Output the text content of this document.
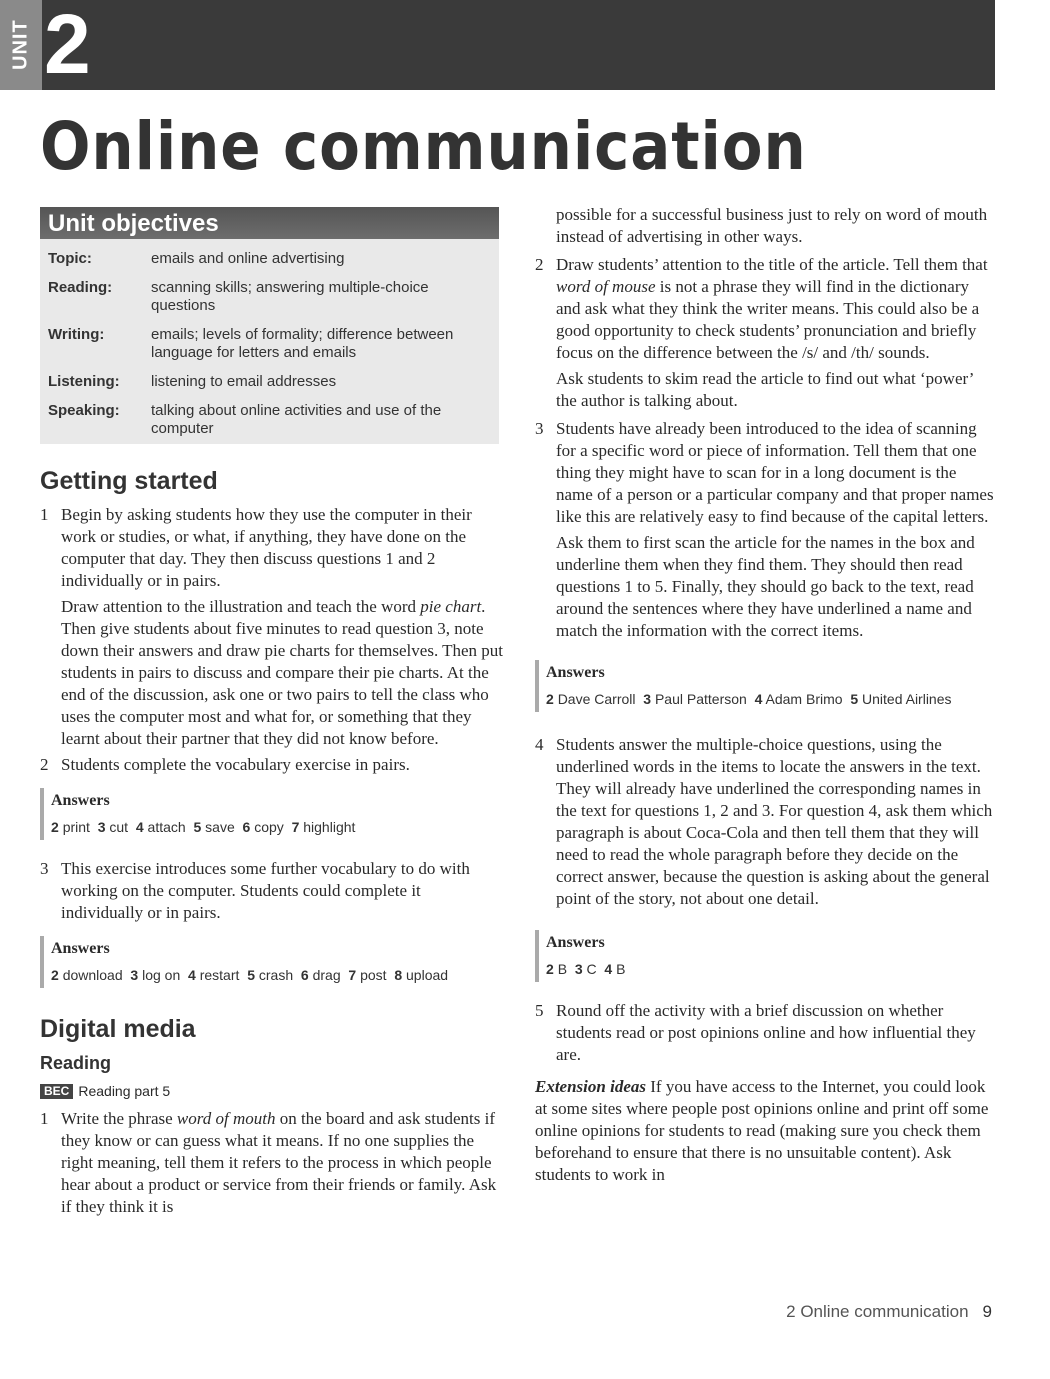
UNIT 2
Online communication
Unit objectives
Topic:	emails and online advertising
Reading:	scanning skills; answering multiple-choice questions
Writing:	emails; levels of formality; difference between language for letters and emails
Listening:	listening to email addresses
Speaking:	talking about online activities and use of the computer
Getting started
1 Begin by asking students how they use the computer in their work or studies, or what, if anything, they have done on the computer that day. They then discuss questions 1 and 2 individually or in pairs.
Draw attention to the illustration and teach the word pie chart. Then give students about five minutes to read question 3, note down their answers and draw pie charts for themselves. Then put students in pairs to discuss and compare their pie charts. At the end of the discussion, ask one or two pairs to tell the class who uses the computer most and what for, or something that they learnt about their partner that they did not know before.
2 Students complete the vocabulary exercise in pairs.
Answers
2 print 3 cut 4 attach 5 save 6 copy 7 highlight
3 This exercise introduces some further vocabulary to do with working on the computer. Students could complete it individually or in pairs.
Answers
2 download 3 log on 4 restart 5 crash 6 drag 7 post 8 upload
Digital media
Reading
BEC Reading part 5
1 Write the phrase word of mouth on the board and ask students if they know or can guess what it means. If no one supplies the right meaning, tell them it refers to the process in which people hear about a product or service from their friends or family. Ask if they think it is
possible for a successful business just to rely on word of mouth instead of advertising in other ways.
2 Draw students’ attention to the title of the article. Tell them that word of mouse is not a phrase they will find in the dictionary and ask what they think the writer means. This could also be a good opportunity to check students’ pronunciation and briefly focus on the difference between the /s/ and /th/ sounds.
Ask students to skim read the article to find out what ‘power’ the author is talking about.
3 Students have already been introduced to the idea of scanning for a specific word or piece of information. Tell them that one thing they might have to scan for in a long document is the name of a person or a particular company and that proper names like this are relatively easy to find because of the capital letters.
Ask them to first scan the article for the names in the box and underline them when they find them. They should then read questions 1 to 5. Finally, they should go back to the text, read around the sentences where they have underlined a name and match the information with the correct items.
Answers
2 Dave Carroll 3 Paul Patterson 4 Adam Brimo 5 United Airlines
4 Students answer the multiple-choice questions, using the underlined words in the items to locate the answers in the text. They will already have underlined the corresponding names in the text for questions 1, 2 and 3. For question 4, ask them which paragraph is about Coca-Cola and then tell them that they will need to read the whole paragraph before they decide on the correct answer, because the question is asking about the general point of the story, not about one detail.
Answers
2 B 3 C 4 B
5 Round off the activity with a brief discussion on whether students read or post opinions online and how influential they are.
Extension ideas If you have access to the Internet, you could look at some sites where people post opinions online and print off some online opinions for students to read (making sure you check them beforehand to ensure that there is no unsuitable content). Ask students to work in
2 Online communication 9
